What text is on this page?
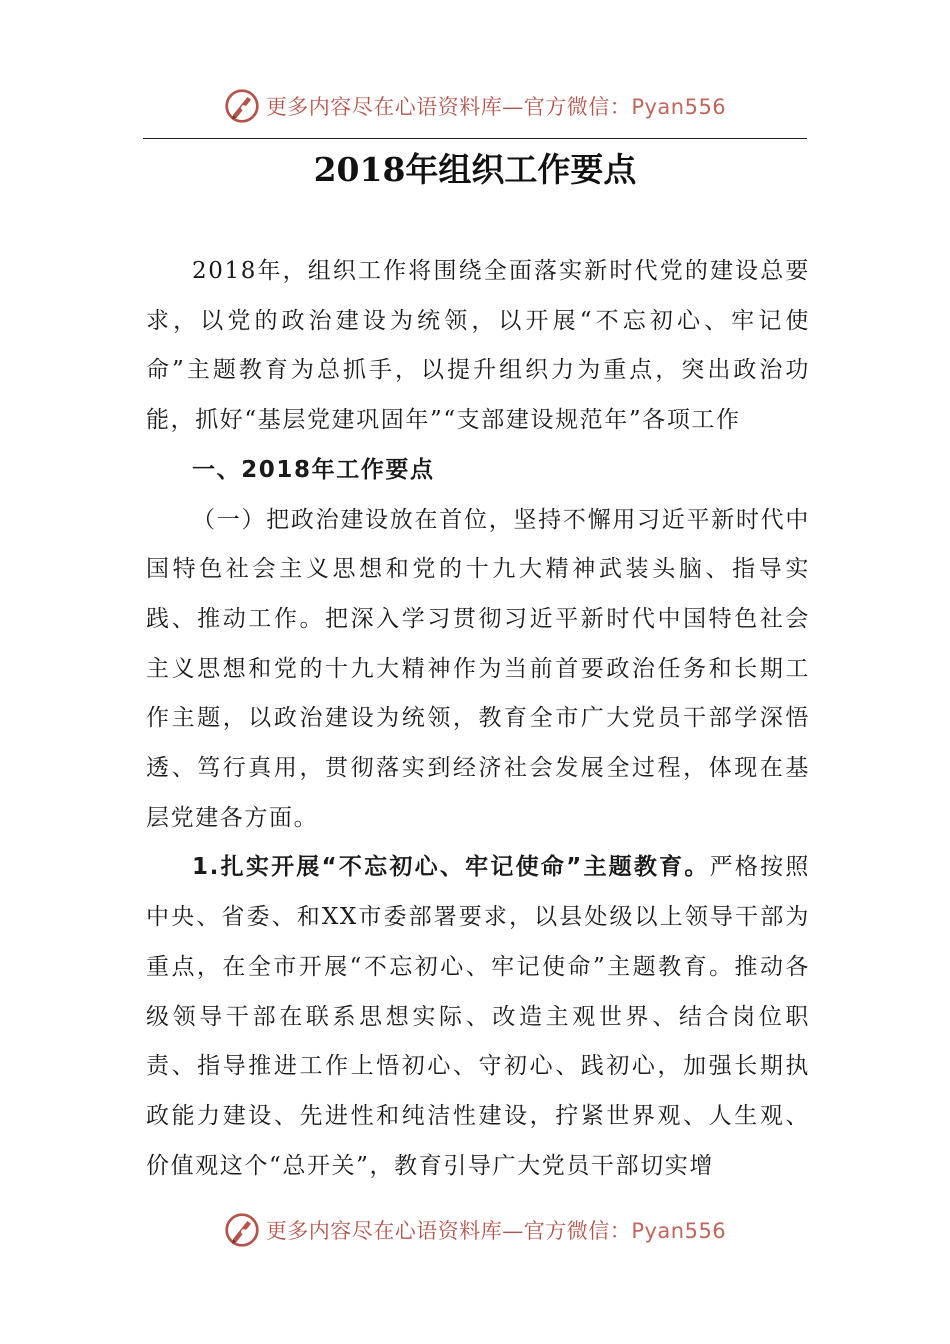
更多内容尽在心语资料库—官方微信：Pyan556
2018年组织工作要点

2018年，组织工作将围绕全面落实新时代党的建设总要求，以党的政治建设为统领，以开展“不忘初心、牢记使命”主题教育为总抓手，以提升组织力为重点，突出政治功能，抓好“基层党建巩固年”“支部建设规范年”各项工作

一、2018年工作要点

（一）把政治建设放在首位，坚持不懈用习近平新时代中国特色社会主义思想和党的十九大精神武装头脑、指导实践、推动工作。把深入学习贯彻习近平新时代中国特色社会主义思想和党的十九大精神作为当前首要政治任务和长期工作主题，以政治建设为统领，教育全市广大党员干部学深悟透、笃行真用，贯彻落实到经济社会发展全过程，体现在基层党建各方面。

1.扎实开展“不忘初心、牢记使命”主题教育。严格按照中央、省委、和XX市委部署要求，以县处级以上领导干部为重点，在全市开展“不忘初心、牢记使命”主题教育。推动各级领导干部在联系思想实际、改造主观世界、结合岗位职责、指导推进工作上悟初心、守初心、践初心，加强长期执政能力建设、先进性和纯洁性建设，拧紧世界观、人生观、价值观这个“总开关”，教育引导广大党员干部切实增

更多内容尽在心语资料库—官方微信：Pyan556
